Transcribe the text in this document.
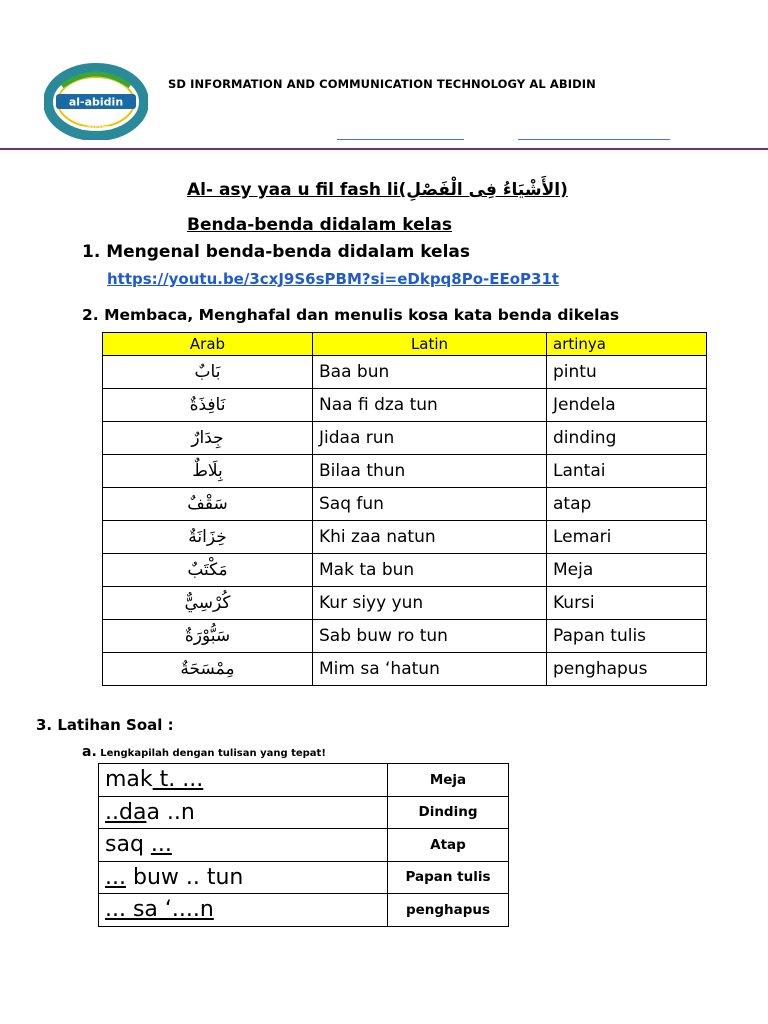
al-abidin
SURAKARTA
SD INFORMATION AND COMMUNICATION TECHNOLOGY AL ABIDIN
Al- asy yaa u fil fash li(الأَشْيَاءُ فِى الْفَصْلِ)
Benda-benda didalam kelas
1. Mengenal benda-benda didalam kelas
https://youtu.be/3cxJ9S6sPBM?si=eDkpq8Po-EEoP31t
2. Membaca, Menghafal dan menulis kosa kata benda dikelas
Arab	Latin	artinya
بَابٌ	Baa bun	pintu
نَافِذَةٌ	Naa fi dza tun	Jendela
جِدَارٌ	Jidaa run	dinding
بِلَاطٌ	Bilaa thun	Lantai
سَقْفٌ	Saq fun	atap
خِزَانَةٌ	Khi zaa natun	Lemari
مَكْتَبٌ	Mak ta bun	Meja
كُرْسِيٌّ	Kur siyy yun	Kursi
سَبُّوْرَةٌ	Sab buw ro tun	Papan tulis
مِمْسَحَةٌ	Mim sa ‘hatun	penghapus
3. Latihan Soal :
a. Lengkapilah dengan tulisan yang tepat!
mak t. ...	Meja
..daa ..n	Dinding
saq ...	Atap
... buw .. tun	Papan tulis
... sa ‘....n	penghapus
